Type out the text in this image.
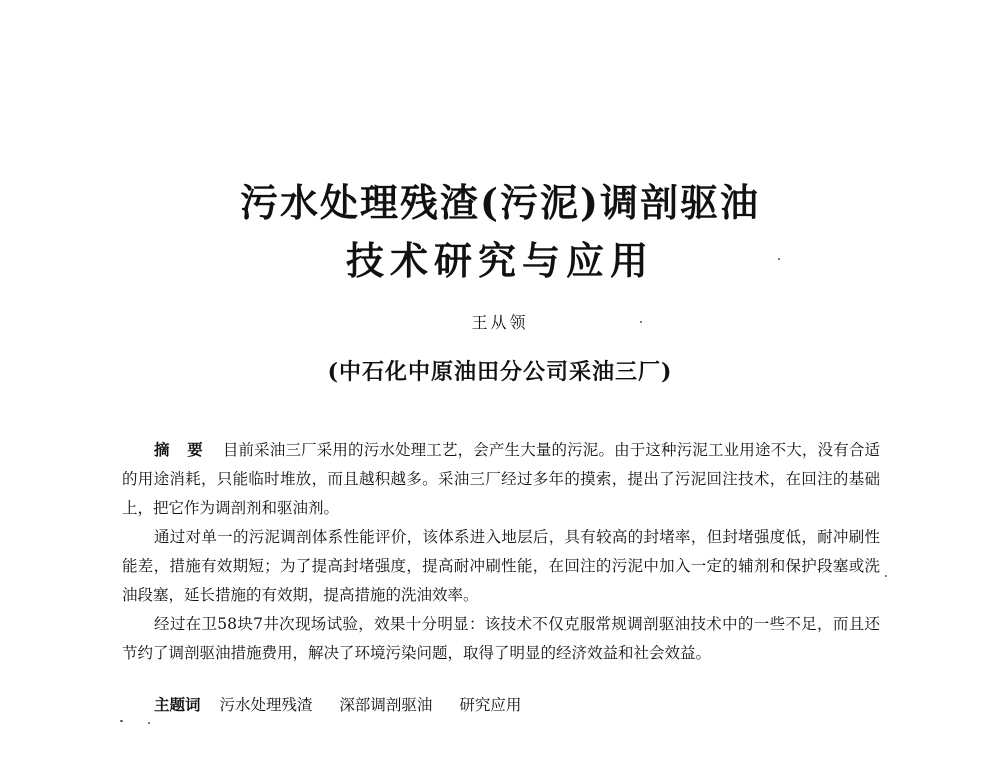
污水处理残渣(污泥)调剖驱油
技术研究与应用
王从领
(中石化中原油田分公司采油三厂)

摘 要 目前采油三厂采用的污水处理工艺，会产生大量的污泥。由于这种污泥工业用途不大，没有合适的用途消耗，只能临时堆放，而且越积越多。采油三厂经过多年的摸索，提出了污泥回注技术，在回注的基础上，把它作为调剖剂和驱油剂。

通过对单一的污泥调剖体系性能评价，该体系进入地层后，具有较高的封堵率，但封堵强度低，耐冲刷性能差，措施有效期短；为了提高封堵强度，提高耐冲刷性能，在回注的污泥中加入一定的辅剂和保护段塞或洗油段塞，延长措施的有效期，提高措施的洗油效率。

经过在卫58块7井次现场试验，效果十分明显：该技术不仅克服常规调剖驱油技术中的一些不足，而且还节约了调剖驱油措施费用，解决了环境污染问题，取得了明显的经济效益和社会效益。

主题词 污水处理残渣 深部调剖驱油 研究应用
